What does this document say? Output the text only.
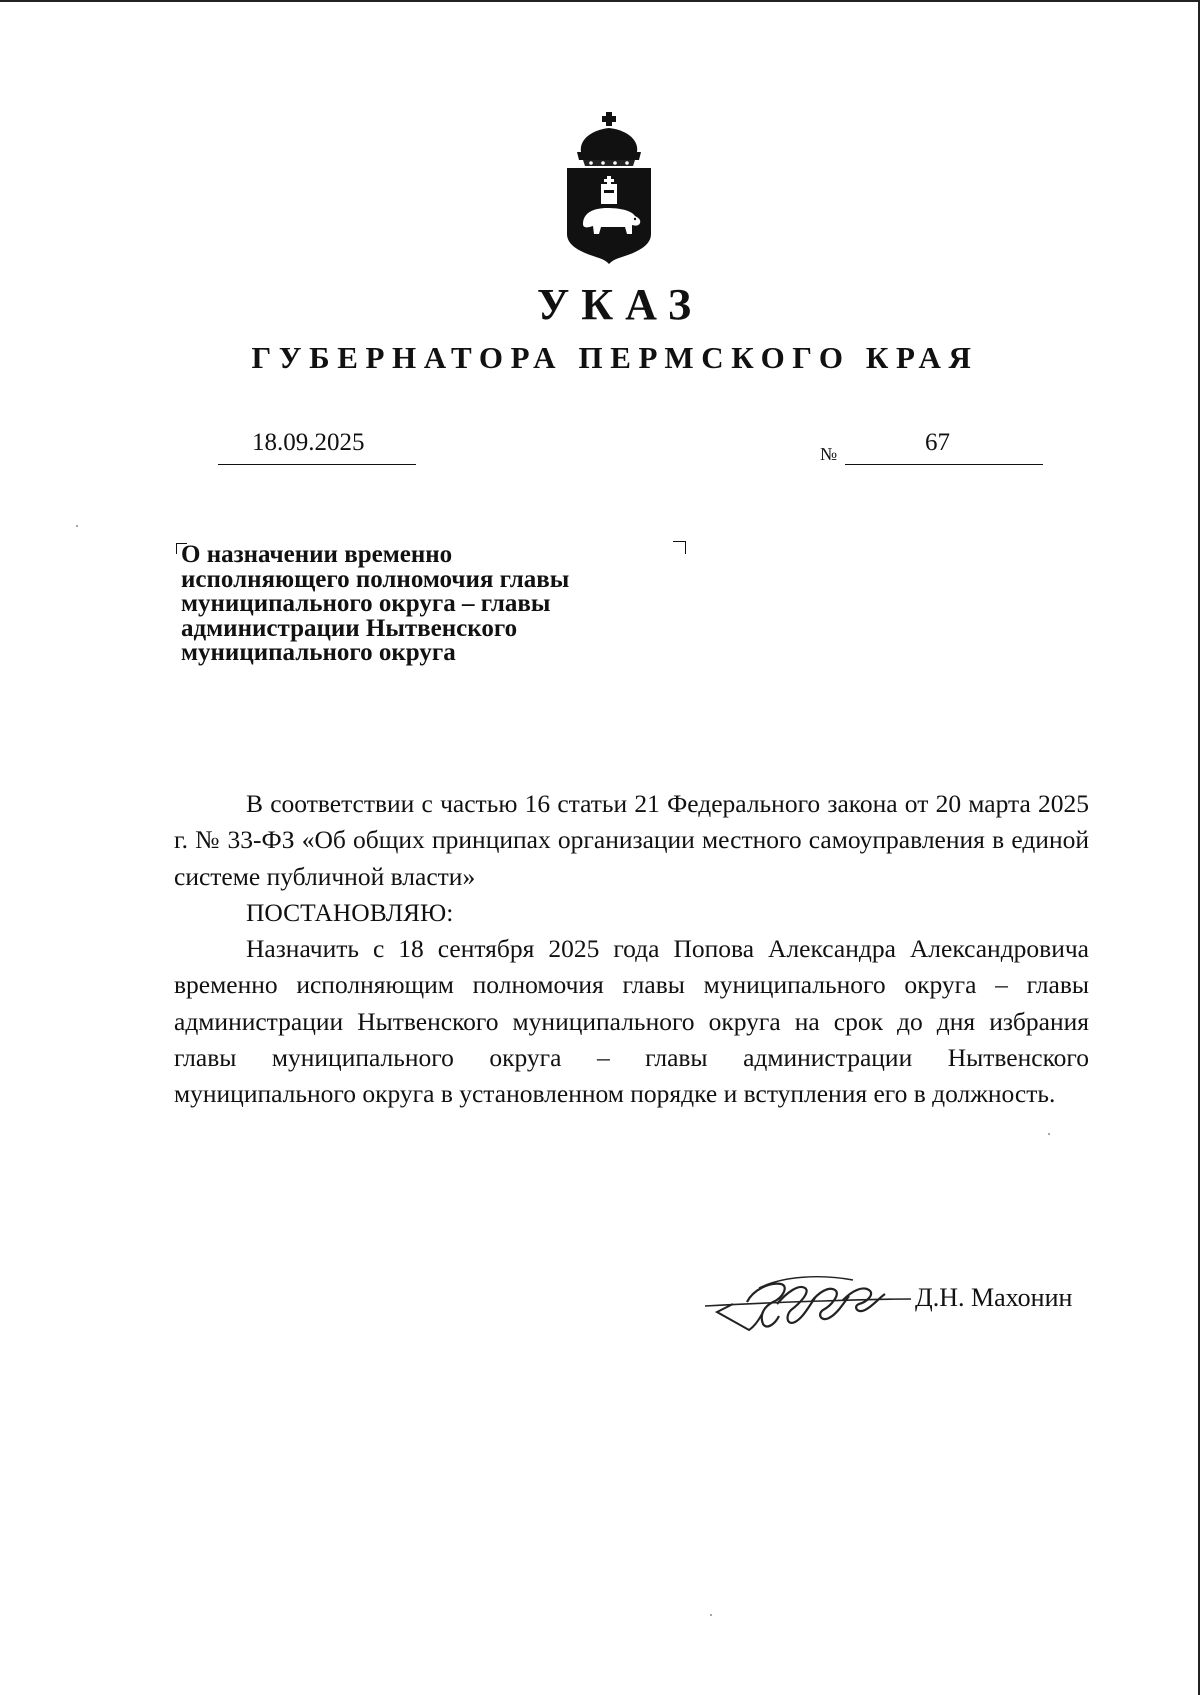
УКАЗ
ГУБЕРНАТОРА ПЕРМСКОГО КРАЯ
18.09.2025	№	67
О назначении временно
исполняющего полномочия главы
муниципального округа – главы
администрации Нытвенского
муниципального округа

В соответствии с частью 16 статьи 21 Федерального закона от 20 марта 2025 г. № 33-ФЗ «Об общих принципах организации местного самоуправления в единой системе публичной власти»

ПОСТАНОВЛЯЮ:

Назначить с 18 сентября 2025 года Попова Александра Александровича временно исполняющим полномочия главы муниципального округа – главы администрации Нытвенского муниципального округа на срок до дня избрания главы муниципального округа – главы администрации Нытвенского муниципального округа в установленном порядке и вступления его в должность.

Д.Н. Махонин
